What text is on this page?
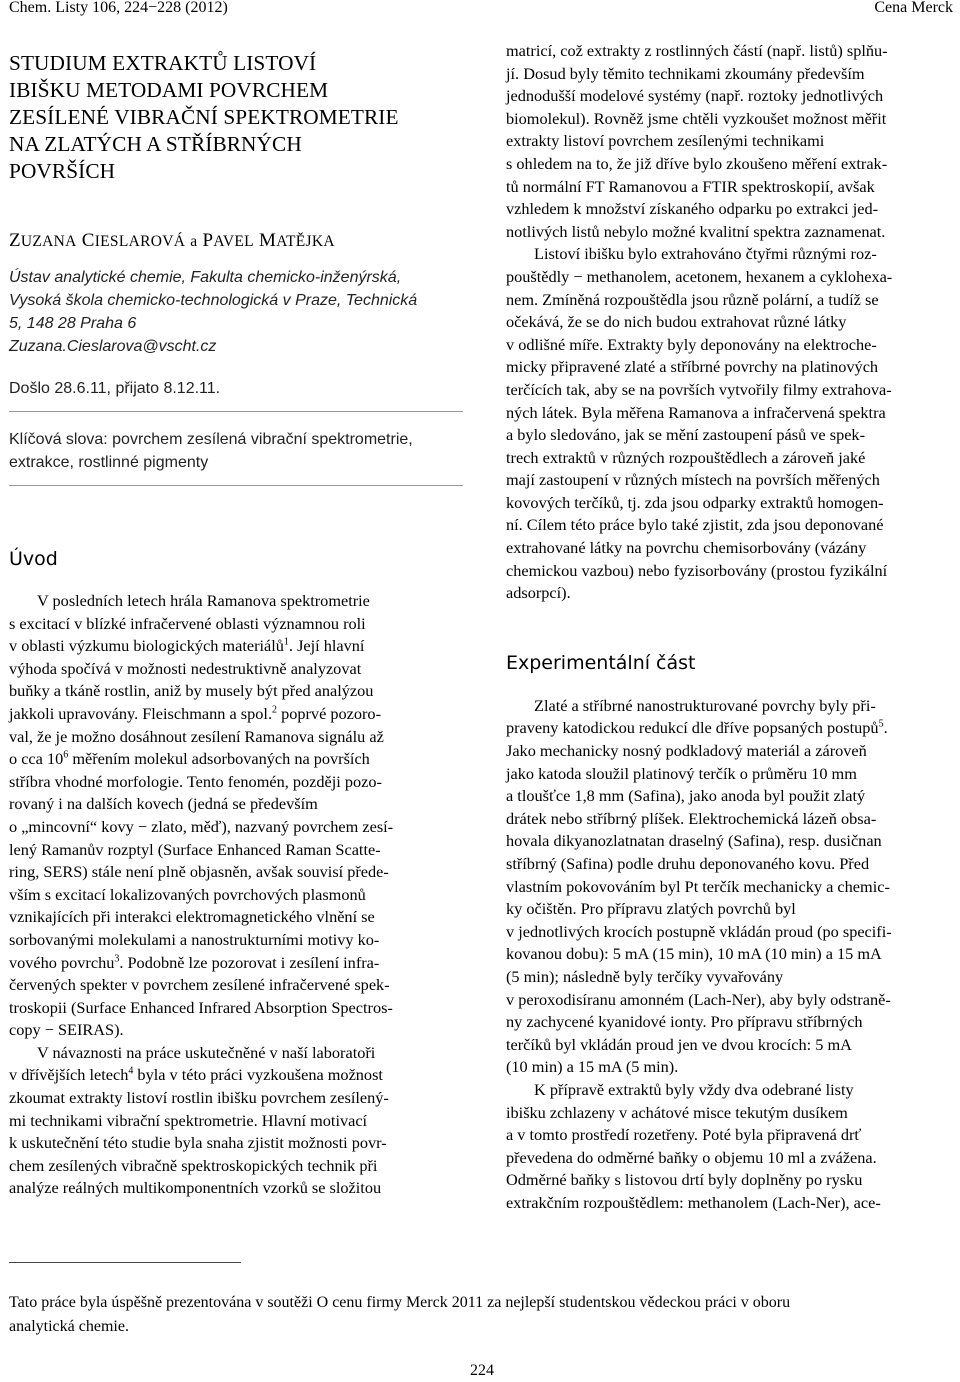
Chem. Listy 106, 224−228 (2012)	Cena Merck
STUDIUM EXTRAKTŮ LISTOVÍ
IBIŠKU METODAMI POVRCHEM
ZESÍLENÉ VIBRAČNÍ SPEKTROMETRIE
NA ZLATÝCH A STŘÍBRNÝCH
POVRŠÍCH
ZUZANA CIESLAROVÁ a PAVEL MATĚJKA
Ústav analytické chemie, Fakulta chemicko-inženýrská,
Vysoká škola chemicko-technologická v Praze, Technická
5, 148 28 Praha 6
Zuzana.Cieslarova@vscht.cz
Došlo 28.6.11, přijato 8.12.11.
Klíčová slova: povrchem zesílená vibrační spektrometrie,
extrakce, rostlinné pigmenty
Úvod
V posledních letech hrála Ramanova spektrometrie
s excitací v blízké infračervené oblasti významnou roli
v oblasti výzkumu biologických materiálů$^1$. Její hlavní
výhoda spočívá v možnosti nedestruktivně analyzovat
buňky a tkáně rostlin, aniž by musely být před analýzou
jakkoli upravovány. Fleischmann a spol.$^2$ poprvé pozoro-
val, že je možno dosáhnout zesílení Ramanova signálu až
o cca $10^6$ měřením molekul adsorbovaných na površích
stříbra vhodné morfologie. Tento fenomén, později pozo-
rovaný i na dalších kovech (jedná se především
o „mincovní“ kovy − zlato, měď), nazvaný povrchem zesí-
lený Ramanův rozptyl (Surface Enhanced Raman Scatte-
ring, SERS) stále není plně objasněn, avšak souvisí přede-
vším s excitací lokalizovaných povrchových plasmonů
vznikajících při interakci elektromagnetického vlnění se
sorbovanými molekulami a nanostrukturními motivy ko-
vového povrchu$^3$. Podobně lze pozorovat i zesílení infra-
červených spekter v povrchem zesílené infračervené spek-
troskopii (Surface Enhanced Infrared Absorption Spectros-
copy − SEIRAS).
V návaznosti na práce uskutečněné v naší laboratoři
v dřívějších letech$^4$ byla v této práci vyzkoušena možnost
zkoumat extrakty listoví rostlin ibišku povrchem zesílený-
mi technikami vibrační spektrometrie. Hlavní motivací
k uskutečnění této studie byla snaha zjistit možnosti povr-
chem zesílených vibračně spektroskopických technik při
analýze reálných multikomponentních vzorků se složitou
matricí, což extrakty z rostlinných částí (např. listů) splňu-
jí. Dosud byly těmito technikami zkoumány především
jednodušší modelové systémy (např. roztoky jednotlivých
biomolekul). Rovněž jsme chtěli vyzkoušet možnost měřit
extrakty listoví povrchem zesílenými technikami
s ohledem na to, že již dříve bylo zkoušeno měření extrak-
tů normální FT Ramanovou a FTIR spektroskopií, avšak
vzhledem k množství získaného odparku po extrakci jed-
notlivých listů nebylo možné kvalitní spektra zaznamenat.
Listoví ibišku bylo extrahováno čtyřmi různými roz-
pouštědly − methanolem, acetonem, hexanem a cyklohexa-
nem. Zmíněná rozpouštědla jsou různě polární, a tudíž se
očekává, že se do nich budou extrahovat různé látky
v odlišné míře. Extrakty byly deponovány na elektroche-
micky připravené zlaté a stříbrné povrchy na platinových
terčících tak, aby se na površích vytvořily filmy extrahova-
ných látek. Byla měřena Ramanova a infračervená spektra
a bylo sledováno, jak se mění zastoupení pásů ve spek-
trech extraktů v různých rozpouštědlech a zároveň jaké
mají zastoupení v různých místech na površích měřených
kovových terčíků, tj. zda jsou odparky extraktů homogen-
ní. Cílem této práce bylo také zjistit, zda jsou deponované
extrahované látky na povrchu chemisorbovány (vázány
chemickou vazbou) nebo fyzisorbovány (prostou fyzikální
adsorpcí).
Experimentální část
Zlaté a stříbrné nanostrukturované povrchy byly při-
praveny katodickou redukcí dle dříve popsaných postupů$^5$.
Jako mechanicky nosný podkladový materiál a zároveň
jako katoda sloužil platinový terčík o průměru 10 mm
a tloušťce 1,8 mm (Safina), jako anoda byl použit zlatý
drátek nebo stříbrný plíšek. Elektrochemická lázeň obsa-
hovala dikyanozlatnatan draselný (Safina), resp. dusičnan
stříbrný (Safina) podle druhu deponovaného kovu. Před
vlastním pokovováním byl Pt terčík mechanicky a chemic-
ky očištěn. Pro přípravu zlatých povrchů byl
v jednotlivých krocích postupně vkládán proud (po specifi-
kovanou dobu): 5 mA (15 min), 10 mA (10 min) a 15 mA
(5 min); následně byly terčíky vyvařovány
v peroxodisíranu amonném (Lach-Ner), aby byly odstraně-
ny zachycené kyanidové ionty. Pro přípravu stříbrných
terčíků byl vkládán proud jen ve dvou krocích: 5 mA
(10 min) a 15 mA (5 min).
K přípravě extraktů byly vždy dva odebrané listy
ibišku zchlazeny v achátové misce tekutým dusíkem
a v tomto prostředí rozetřeny. Poté byla připravená drť
převedena do odměrné baňky o objemu 10 ml a zvážena.
Odměrné baňky s listovou drtí byly doplněny po rysku
extrakčním rozpouštědlem: methanolem (Lach-Ner), ace-
Tato práce byla úspěšně prezentována v soutěži O cenu firmy Merck 2011 za nejlepší studentskou vědeckou práci v oboru
analytická chemie.
224
